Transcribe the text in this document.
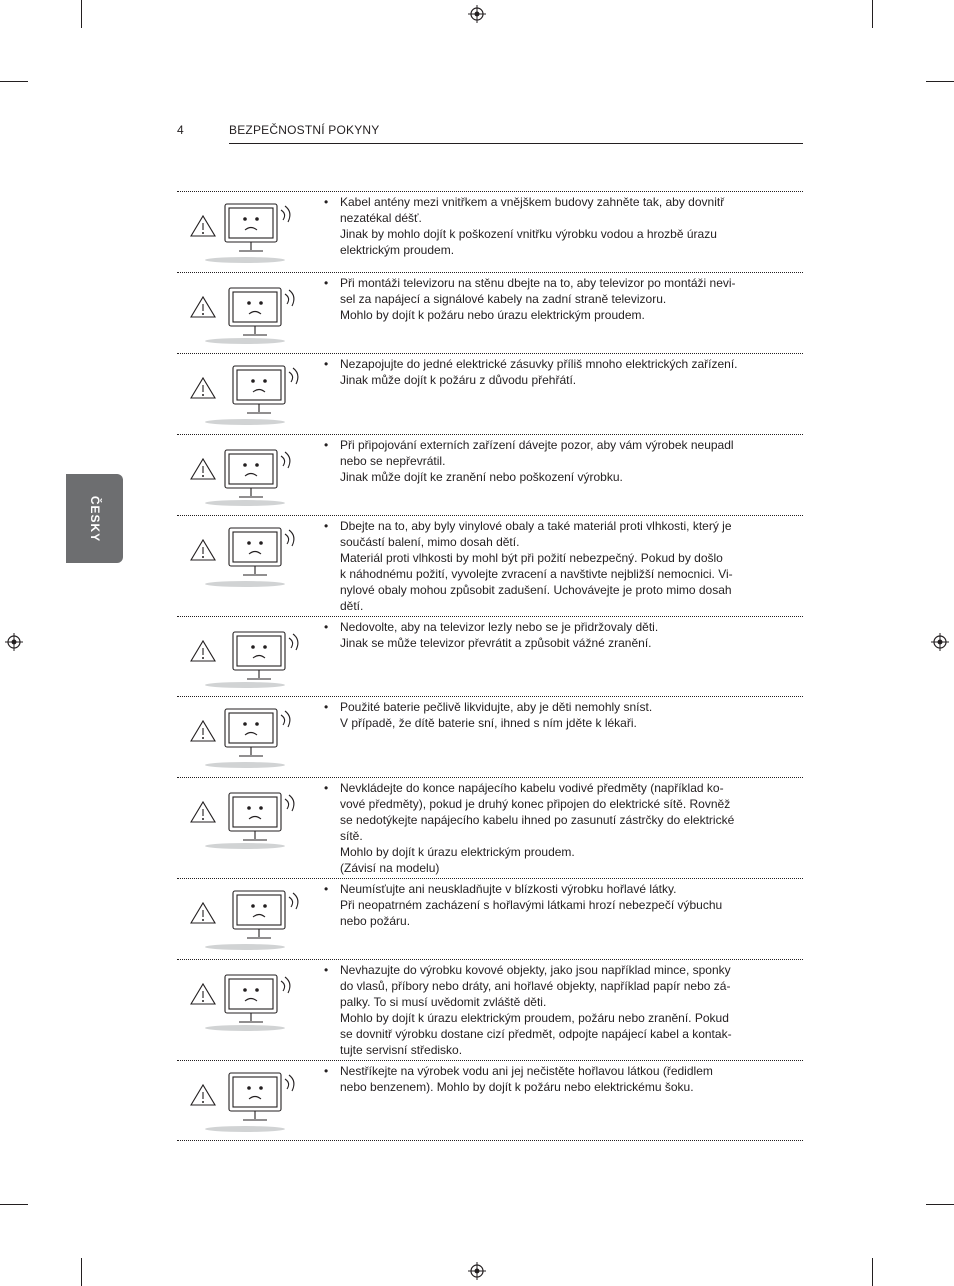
4	BEZPEČNOSTNÍ POKYNY
ČESKY
• Kabel antény mezi vnitřkem a vnějškem budovy zahněte tak, aby dovnitř
nezatékal déšť.
Jinak by mohlo dojít k poškození vnitřku výrobku vodou a hrozbě úrazu
elektrickým proudem.
• Při montáži televizoru na stěnu dbejte na to, aby televizor po montáži nevi-
sel za napájecí a signálové kabely na zadní straně televizoru.
Mohlo by dojít k požáru nebo úrazu elektrickým proudem.
• Nezapojujte do jedné elektrické zásuvky příliš mnoho elektrických zařízení.
Jinak může dojít k požáru z důvodu přehřátí.
• Při připojování externích zařízení dávejte pozor, aby vám výrobek neupadl
nebo se nepřevrátil.
Jinak může dojít ke zranění nebo poškození výrobku.
• Dbejte na to, aby byly vinylové obaly a také materiál proti vlhkosti, který je
součástí balení, mimo dosah dětí.
Materiál proti vlhkosti by mohl být při požití nebezpečný. Pokud by došlo
k náhodnému požití, vyvolejte zvracení a navštivte nejbližší nemocnici. Vi-
nylové obaly mohou způsobit zadušení. Uchovávejte je proto mimo dosah
dětí.
• Nedovolte, aby na televizor lezly nebo se je přidržovaly děti.
Jinak se může televizor převrátit a způsobit vážné zranění.
• Použité baterie pečlivě likvidujte, aby je děti nemohly sníst.
V případě, že dítě baterie sní, ihned s ním jděte k lékaři.
• Nevkládejte do konce napájecího kabelu vodivé předměty (například ko-
vové předměty), pokud je druhý konec připojen do elektrické sítě. Rovněž
se nedotýkejte napájecího kabelu ihned po zasunutí zástrčky do elektrické
sítě.
Mohlo by dojít k úrazu elektrickým proudem.
(Závisí na modelu)
• Neumísťujte ani neuskladňujte v blízkosti výrobku hořlavé látky.
Při neopatrném zacházení s hořlavými látkami hrozí nebezpečí výbuchu
nebo požáru.
• Nevhazujte do výrobku kovové objekty, jako jsou například mince, sponky
do vlasů, příbory nebo dráty, ani hořlavé objekty, například papír nebo zá-
palky. To si musí uvědomit zvláště děti.
Mohlo by dojít k úrazu elektrickým proudem, požáru nebo zranění. Pokud
se dovnitř výrobku dostane cizí předmět, odpojte napájecí kabel a kontak-
tujte servisní středisko.
• Nestříkejte na výrobek vodu ani jej nečistěte hořlavou látkou (ředidlem
nebo benzenem). Mohlo by dojít k požáru nebo elektrickému šoku.
